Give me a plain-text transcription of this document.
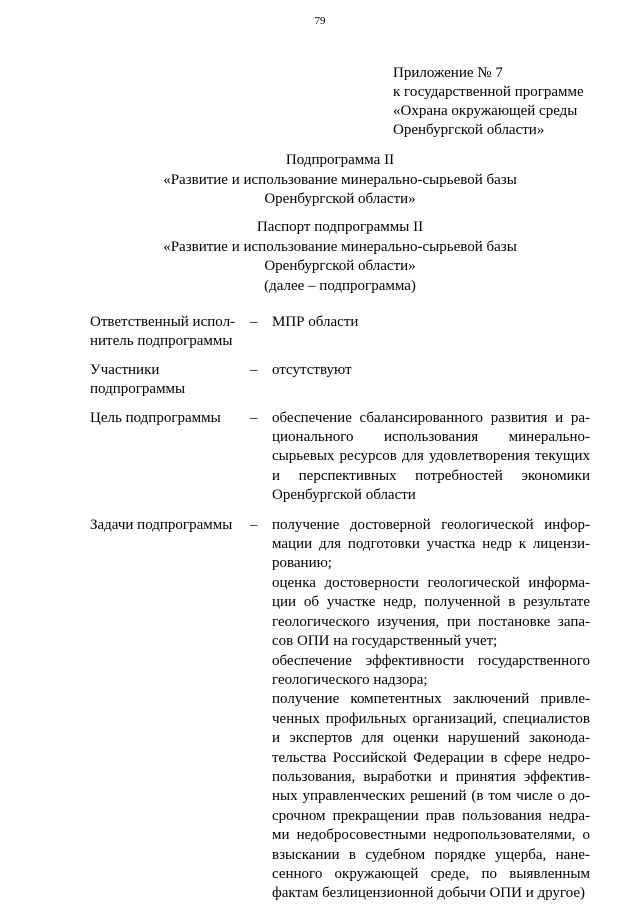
79
Приложение № 7
к государственной программе
«Охрана окружающей среды
Оренбургской области»
Подпрограмма II
«Развитие и использование минерально-сырьевой базы
Оренбургской области»
Паспорт подпрограммы II
«Развитие и использование минерально-сырьевой базы
Оренбургской области»
(далее – подпрограмма)
Ответственный испол-
нитель подпрограммы
– МПР области
Участники
подпрограммы
– отсутствуют
Цель подпрограммы	– обеспечение сбалансированного развития и ра-
ционального использования минерально-
сырьевых ресурсов для удовлетворения текущих
и перспективных потребностей экономики
Оренбургской области
Задачи подпрограммы	– получение достоверной геологической инфор-
мации для подготовки участка недр к лицензи-
рованию;
оценка достоверности геологической информа-
ции об участке недр, полученной в результате
геологического изучения, при постановке запа-
сов ОПИ на государственный учет;
обеспечение эффективности государственного
геологического надзора;
получение компетентных заключений привле-
ченных профильных организаций, специалистов
и экспертов для оценки нарушений законода-
тельства Российской Федерации в сфере недро-
пользования, выработки и принятия эффектив-
ных управленческих решений (в том числе о до-
срочном прекращении прав пользования недра-
ми недобросовестными недропользователями, о
взыскании в судебном порядке ущерба, нане-
сенного окружающей среде, по выявленным
фактам безлицензионной добычи ОПИ и другое)
